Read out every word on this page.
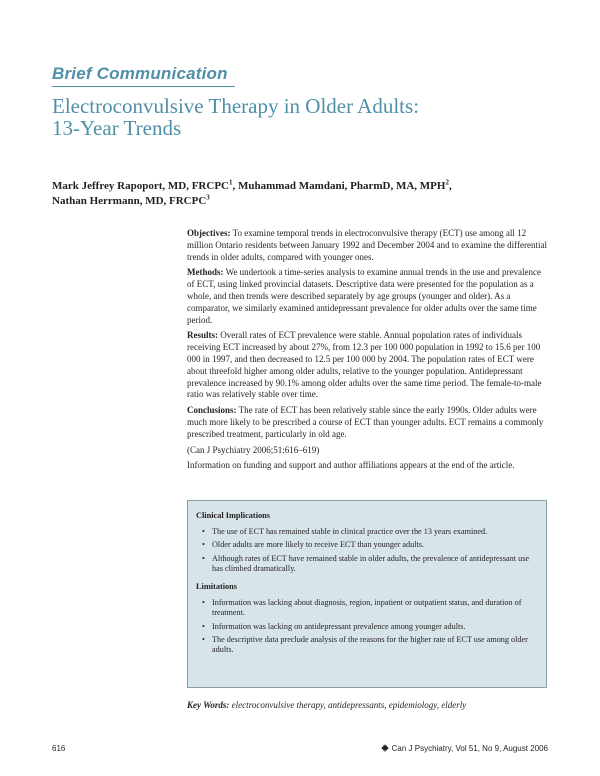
Brief Communication
Electroconvulsive Therapy in Older Adults:
13-Year Trends
Mark Jeffrey Rapoport, MD, FRCPC$^1$, Muhammad Mamdani, PharmD, MA, MPH$^2$,
Nathan Herrmann, MD, FRCPC$^3$

Objectives: To examine temporal trends in electroconvulsive therapy (ECT) use among all 12 million Ontario residents between January 1992 and December 2004 and to examine the differential trends in older adults, compared with younger ones.

Methods: We undertook a time-series analysis to examine annual trends in the use and prevalence of ECT, using linked provincial datasets. Descriptive data were presented for the population as a whole, and then trends were described separately by age groups (younger and older). As a comparator, we similarly examined antidepressant prevalence for older adults over the same time period.

Results: Overall rates of ECT prevalence were stable. Annual population rates of individuals receiving ECT increased by about 27%, from 12.3 per 100 000 population in 1992 to 15.6 per 100 000 in 1997, and then decreased to 12.5 per 100 000 by 2004. The population rates of ECT were about threefold higher among older adults, relative to the younger population. Antidepressant prevalence increased by 90.1% among older adults over the same time period. The female-to-male ratio was relatively stable over time.

Conclusions: The rate of ECT has been relatively stable since the early 1990s. Older adults were much more likely to be prescribed a course of ECT than younger adults. ECT remains a commonly prescribed treatment, particularly in old age.

(Can J Psychiatry 2006;51:616–619)

Information on funding and support and author affiliations appears at the end of the article.

Clinical Implications
• The use of ECT has remained stable in clinical practice over the 13 years examined.
• Older adults are more likely to receive ECT than younger adults.
• Although rates of ECT have remained stable in older adults, the prevalence of antidepressant use has climbed dramatically.
Limitations
• Information was lacking about diagnosis, region, inpatient or outpatient status, and duration of treatment.
• Information was lacking on antidepressant prevalence among younger adults.
• The descriptive data preclude analysis of the reasons for the higher rate of ECT use among older adults.
Key Words: electroconvulsive therapy, antidepressants, epidemiology, elderly
616	Can J Psychiatry, Vol 51, No 9, August 2006
